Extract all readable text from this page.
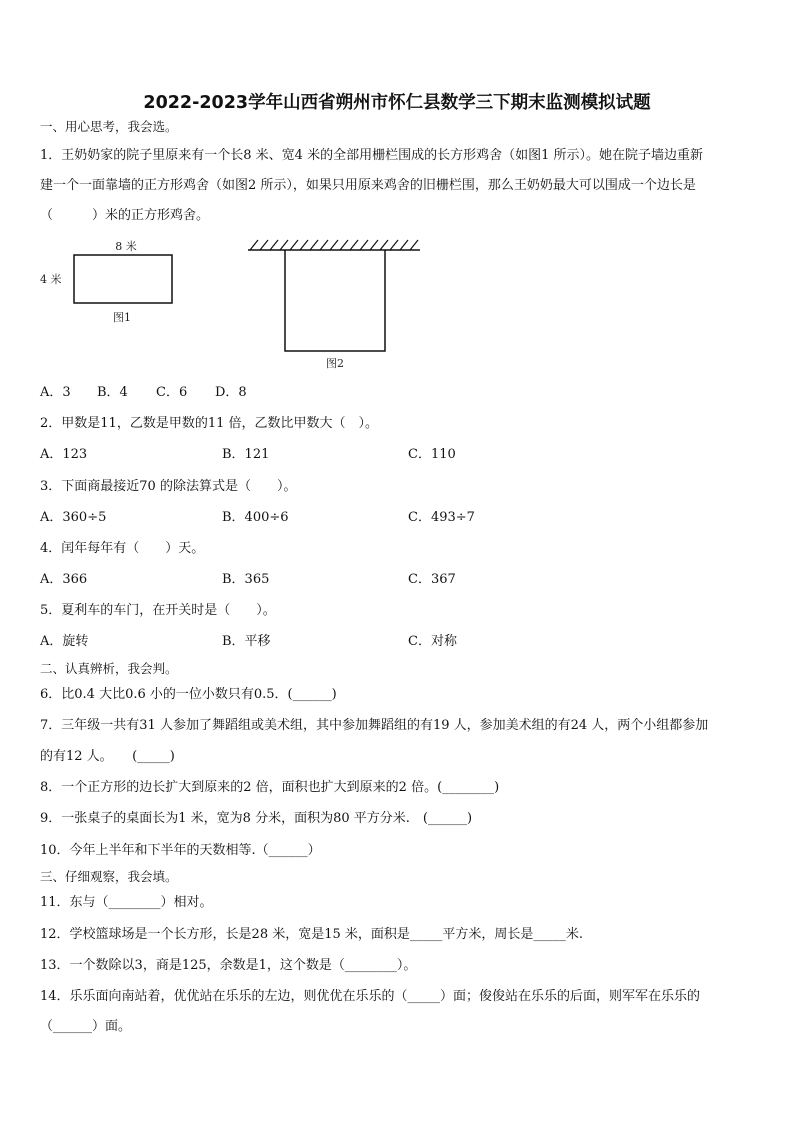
2022-2023学年山西省朔州市怀仁县数学三下期末监测模拟试题
一、用心思考，我会选。
1．王奶奶家的院子里原来有一个长8 米、宽4 米的全部用栅栏围成的长方形鸡舍（如图1 所示）。她在院子墙边重新
建一个一面靠墙的正方形鸡舍（如图2 所示），如果只用原来鸡舍的旧栅栏围，那么王奶奶最大可以围成一个边长是
（　　　）米的正方形鸡舍。
8 米
4 米
图1
图2
A．3 B．4 C．6 D．8
2．甲数是11，乙数是甲数的11 倍，乙数比甲数大（　）。
A．123	B．121	C．110
3．下面商最接近70 的除法算式是（　　）。
A．360÷5	B．400÷6	C．493÷7
4．闰年每年有（　　）天。
A．366	B．365	C．367
5．夏利车的车门，在开关时是（　　）。
A．旋转	B．平移	C．对称
二、认真辨析，我会判。
6．比0.4 大比0.6 小的一位小数只有0.5．(______)
7．三年级一共有31 人参加了舞蹈组或美术组，其中参加舞蹈组的有19 人，参加美术组的有24 人，两个小组都参加
的有12 人。　　(_____)
8．一个正方形的边长扩大到原来的2 倍，面积也扩大到原来的2 倍。(________)
9．一张桌子的桌面长为1 米，宽为8 分米，面积为80 平方分米.　(______)
10．今年上半年和下半年的天数相等.（______）
三、仔细观察，我会填。
11．东与（________）相对。
12．学校篮球场是一个长方形，长是28 米，宽是15 米，面积是_____平方米，周长是_____米.
13．一个数除以3，商是125，余数是1，这个数是（________）。
14．乐乐面向南站着，优优站在乐乐的左边，则优优在乐乐的（_____）面；俊俊站在乐乐的后面，则军军在乐乐的
（______）面。
